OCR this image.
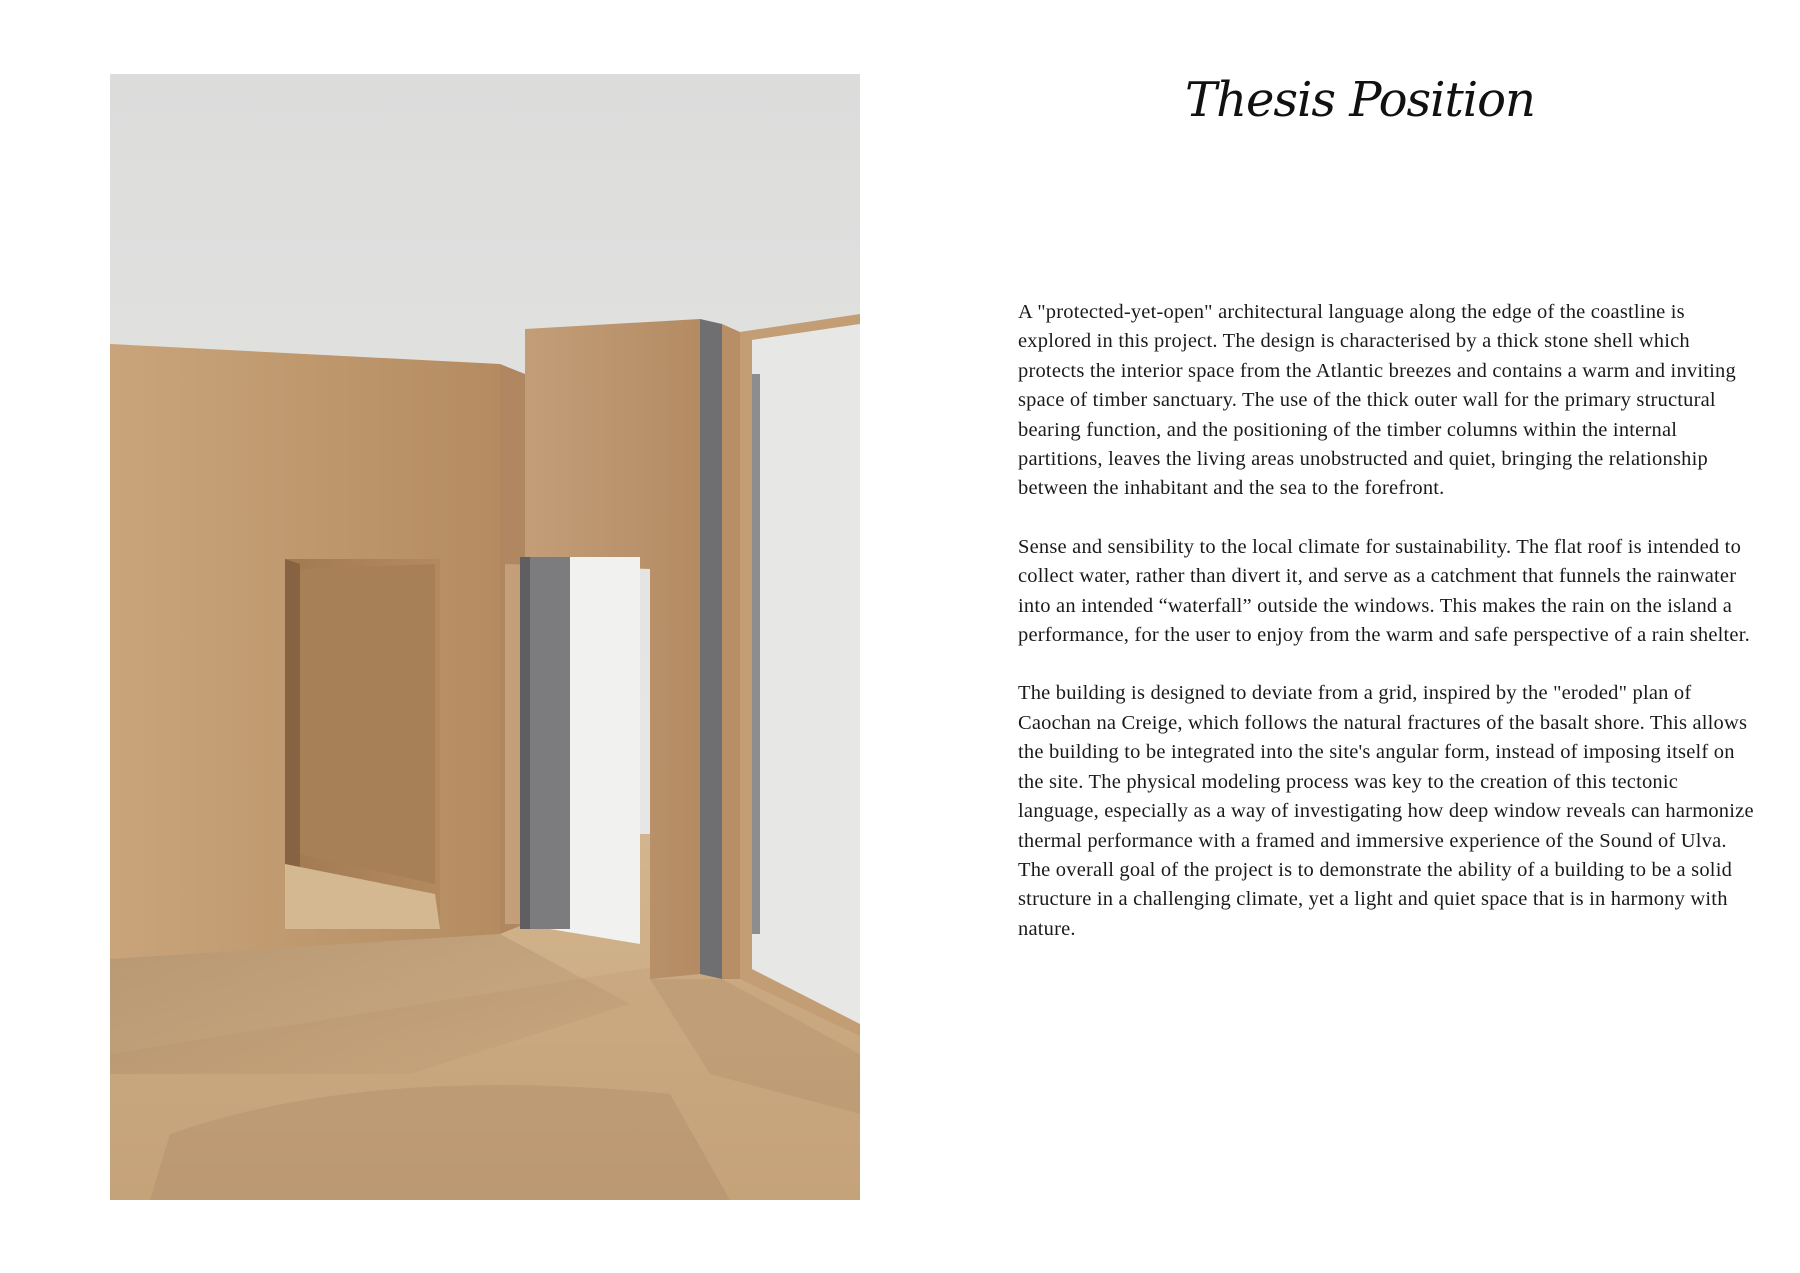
Thesis Position

A "protected-yet-open" architectural language along the edge of the coastline is explored in this project. The design is characterised by a thick stone shell which protects the interior space from the Atlantic breezes and contains a warm and inviting space of timber sanctuary. The use of the thick outer wall for the primary structural bearing function, and the positioning of the timber columns within the internal partitions, leaves the living areas unobstructed and quiet, bringing the relationship between the inhabitant and the sea to the forefront.

Sense and sensibility to the local climate for sustainability. The flat roof is intended to collect water, rather than divert it, and serve as a catchment that funnels the rainwater into an intended “waterfall” outside the windows. This makes the rain on the island a performance, for the user to enjoy from the warm and safe perspective of a rain shelter.

The building is designed to deviate from a grid, inspired by the "eroded" plan of Caochan na Creige, which follows the natural fractures of the basalt shore. This allows the building to be integrated into the site's angular form, instead of imposing itself on the site. The physical modeling process was key to the creation of this tectonic language, especially as a way of investigating how deep window reveals can harmonize thermal performance with a framed and immersive experience of the Sound of Ulva. The overall goal of the project is to demonstrate the ability of a building to be a solid structure in a challenging climate, yet a light and quiet space that is in harmony with nature.
